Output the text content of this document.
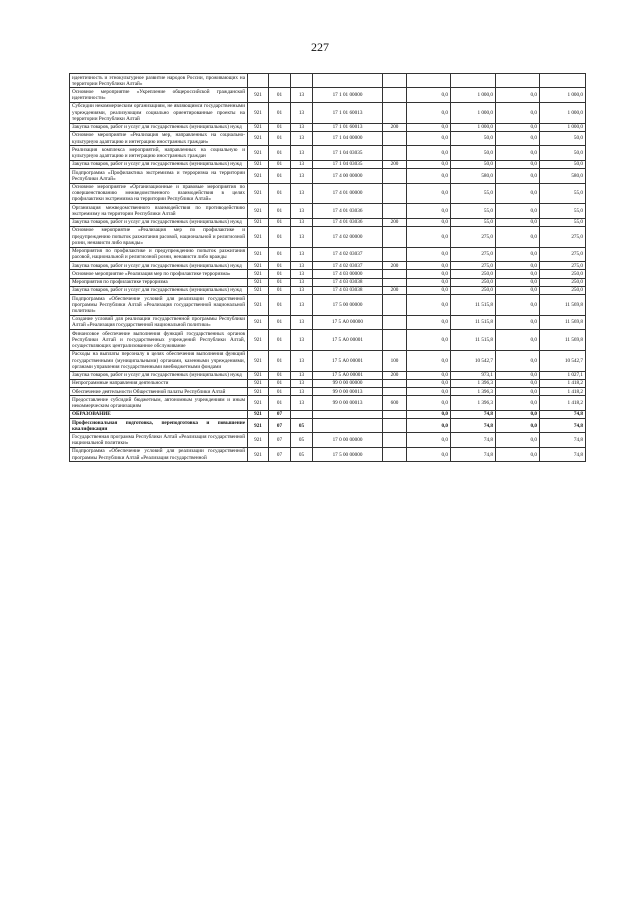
227
идентичность и этнокультурное развитие народов России, проживающих на территории Республики Алтай»									
Основное мероприятие «Укрепление общероссийской гражданской идентичности»	921	01	13	17 1 01 00000		0,0	1 000,0	0,0	1 000,0
Субсидии некоммерческим организациям, не являющимся государственными учреждениями, реализующим социально ориентированные проекты на территории Республики Алтай	921	01	13	17 1 01 60013		0,0	1 000,0	0,0	1 000,0
Закупка товаров, работ и услуг для государственных (муниципальных) нужд	921	01	13	17 1 01 60013	200	0,0	1 000,0	0,0	1 000,0
Основное мероприятие «Реализация мер, направленных на социально-культурную адаптацию и интеграцию иностранных граждан»	921	01	13	17 1 04 00000		0,0	50,0	0,0	50,0
Реализация комплекса мероприятий, направленных на социальную и культурную адаптацию и интеграцию иностранных граждан	921	01	13	17 1 04 03035		0,0	50,0	0,0	50,0
Закупка товаров, работ и услуг для государственных (муниципальных) нужд	921	01	13	17 1 04 03035	200	0,0	50,0	0,0	50,0
Подпрограмма «Профилактика экстремизма и терроризма на территории Республики Алтай»	921	01	13	17 4 00 00000		0,0	580,0	0,0	580,0
Основное мероприятие «Организационные и правовые мероприятия по совершенствованию межведомственного взаимодействия в целях профилактики экстремизма на территории Республики Алтай»	921	01	13	17 4 01 00000		0,0	55,0	0,0	55,0
Организация межведомственного взаимодействия по противодействию экстремизму на территории Республики Алтай	921	01	13	17 4 01 03036		0,0	55,0	0,0	55,0
Закупка товаров, работ и услуг для государственных (муниципальных) нужд	921	01	13	17 4 01 03036	200	0,0	55,0	0,0	55,0
Основное мероприятие «Реализация мер по профилактике и предупреждению попыток разжигания расовой, национальной и религиозной розни, ненависти либо вражды»	921	01	13	17 4 02 00000		0,0	275,0	0,0	275,0
Мероприятия по профилактике и предупреждению попыток разжигания расовой, национальной и религиозной розни, ненависти либо вражды	921	01	13	17 4 02 03037		0,0	275,0	0,0	275,0
Закупка товаров, работ и услуг для государственных (муниципальных) нужд	921	01	13	17 4 02 03037	200	0,0	275,0	0,0	275,0
Основное мероприятие «Реализация мер по профилактике терроризма»	921	01	13	17 4 03 00000		0,0	250,0	0,0	250,0
Мероприятия по профилактике терроризма	921	01	13	17 4 03 03038		0,0	250,0	0,0	250,0
Закупка товаров, работ и услуг для государственных (муниципальных) нужд	921	01	13	17 4 03 03038	200	0,0	250,0	0,0	250,0
Подпрограмма «Обеспечение условий для реализации государственной программы Республики Алтай «Реализация государственной национальной политики»	921	01	13	17 5 00 00000		0,0	11 515,8	0,0	11 569,8
Создание условий для реализации государственной программы Республики Алтай «Реализация государственной национальной политики»	921	01	13	17 5 А0 00000		0,0	11 515,8	0,0	11 569,8
Финансовое обеспечение выполнения функций государственных органов Республики Алтай и государственных учреждений Республики Алтай, осуществляющих централизованное обслуживание	921	01	13	17 5 А0 00001		0,0	11 515,8	0,0	11 569,8
Расходы на выплаты персоналу в целях обеспечения выполнения функций государственными (муниципальными) органами, казенными учреждениями, органами управления государственными внебюджетными фондами	921	01	13	17 5 А0 00001	100	0,0	10 542,7	0,0	10 542,7
Закупка товаров, работ и услуг для государственных (муниципальных) нужд	921	01	13	17 5 А0 00001	200	0,0	973,1	0,0	1 027,1
Непрограммные направления деятельности	921	01	13	99 0 00 00000		0,0	1 396,3	0,0	1 418,2
Обеспечение деятельности Общественной палаты Республики Алтай	921	01	13	99 0 00 00013		0,0	1 396,3	0,0	1 418,2
Предоставление субсидий бюджетным, автономным учреждениям и иным некоммерческим организациям	921	01	13	99 0 00 00013	600	0,0	1 396,3	0,0	1 418,2
ОБРАЗОВАНИЕ	921	07				0,0	74,8	0,0	74,8
Профессиональная подготовка, переподготовка и повышение квалификации	921	07	05			0,0	74,8	0,0	74,8
Государственная программа Республики Алтай «Реализация государственной национальной политики»	921	07	05	17 0 00 00000		0,0	74,8	0,0	74,8
Подпрограмма «Обеспечение условий для реализации государственной программы Республики Алтай «Реализация государственной	921	07	05	17 5 00 00000		0,0	74,8	0,0	74,8
